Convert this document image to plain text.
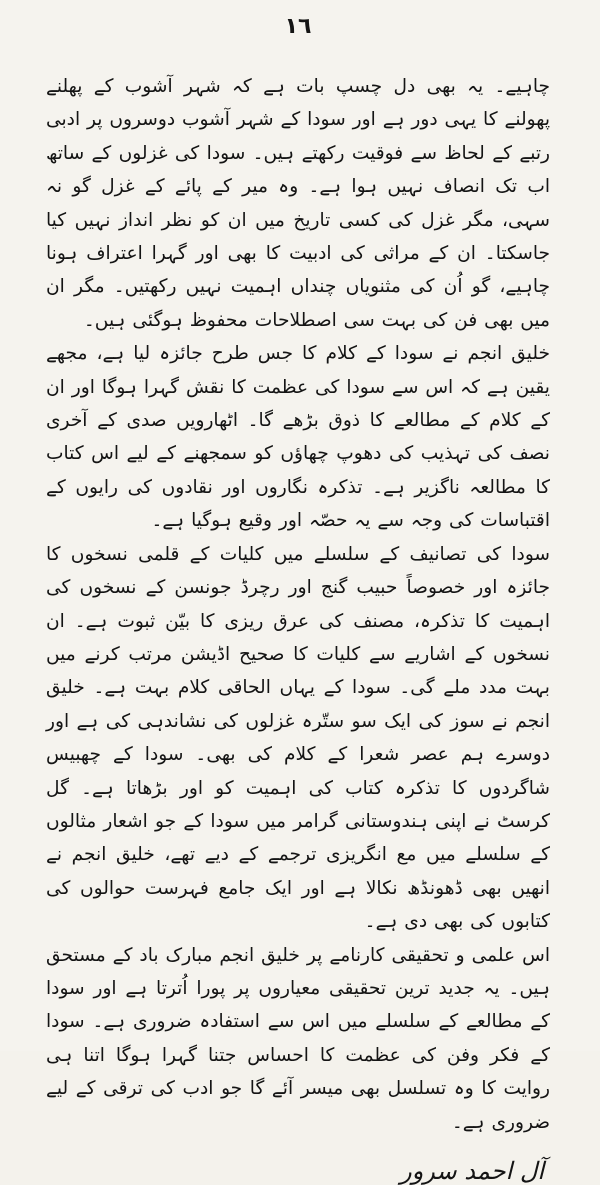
١٦

چاہیے۔ یہ بھی دل چسپ بات ہے کہ شہر آشوب کے پھلنے پھولنے کا یہی دور ہے اور سودا کے شہر آشوب دوسروں پر ادبی رتبے کے لحاظ سے فوقیت رکھتے ہیں۔ سودا کی غزلوں کے ساتھ اب تک انصاف نہیں ہوا ہے۔ وہ میر کے پائے کے غزل گو نہ سہی، مگر غزل کی کسی تاریخ میں ان کو نظر انداز نہیں کیا جاسکتا۔ ان کے مراثی کی ادبیت کا بھی اور گہرا اعتراف ہونا چاہیے، گو اُن کی مثنویاں چنداں اہمیت نہیں رکھتیں۔ مگر ان میں بھی فن کی بہت سی اصطلاحات محفوظ ہوگئی ہیں۔

خلیق انجم نے سودا کے کلام کا جس طرح جائزہ لیا ہے، مجھے یقین ہے کہ اس سے سودا کی عظمت کا نقش گہرا ہوگا اور ان کے کلام کے مطالعے کا ذوق بڑھے گا۔ اٹھارویں صدی کے آخری نصف کی تہذیب کی دھوپ چھاؤں کو سمجھنے کے لیے اس کتاب کا مطالعہ ناگزیر ہے۔ تذکرہ نگاروں اور نقادوں کی رایوں کے اقتباسات کی وجہ سے یہ حصّہ اور وقیع ہوگیا ہے۔

سودا کی تصانیف کے سلسلے میں کلیات کے قلمی نسخوں کا جائزہ اور خصوصاً حبیب گنج اور رچرڈ جونسن کے نسخوں کی اہمیت کا تذکرہ، مصنف کی عرق ریزی کا بیّن ثبوت ہے۔ ان نسخوں کے اشاریے سے کلیات کا صحیح اڈیشن مرتب کرنے میں بہت مدد ملے گی۔ سودا کے یہاں الحاقی کلام بہت ہے۔ خلیق انجم نے سوز کی ایک سو ستّرہ غزلوں کی نشاندہی کی ہے اور دوسرے ہم عصر شعرا کے کلام کی بھی۔ سودا کے چھبیس شاگردوں کا تذکرہ کتاب کی اہمیت کو اور بڑھاتا ہے۔ گل کرسٹ نے اپنی ہندوستانی گرامر میں سودا کے جو اشعار مثالوں کے سلسلے میں مع انگریزی ترجمے کے دیے تھے، خلیق انجم نے انھیں بھی ڈھونڈھ نکالا ہے اور ایک جامع فہرست حوالوں کی کتابوں کی بھی دی ہے۔

اس علمی و تحقیقی کارنامے پر خلیق انجم مبارک باد کے مستحق ہیں۔ یہ جدید ترین تحقیقی معیاروں پر پورا اُترتا ہے اور سودا کے مطالعے کے سلسلے میں اس سے استفادہ ضروری ہے۔ سودا کے فکر وفن کی عظمت کا احساس جتنا گہرا ہوگا اتنا ہی روایت کا وہ تسلسل بھی میسر آئے گا جو ادب کی ترقی کے لیے ضروری ہے۔

آلِ احمد سرور
